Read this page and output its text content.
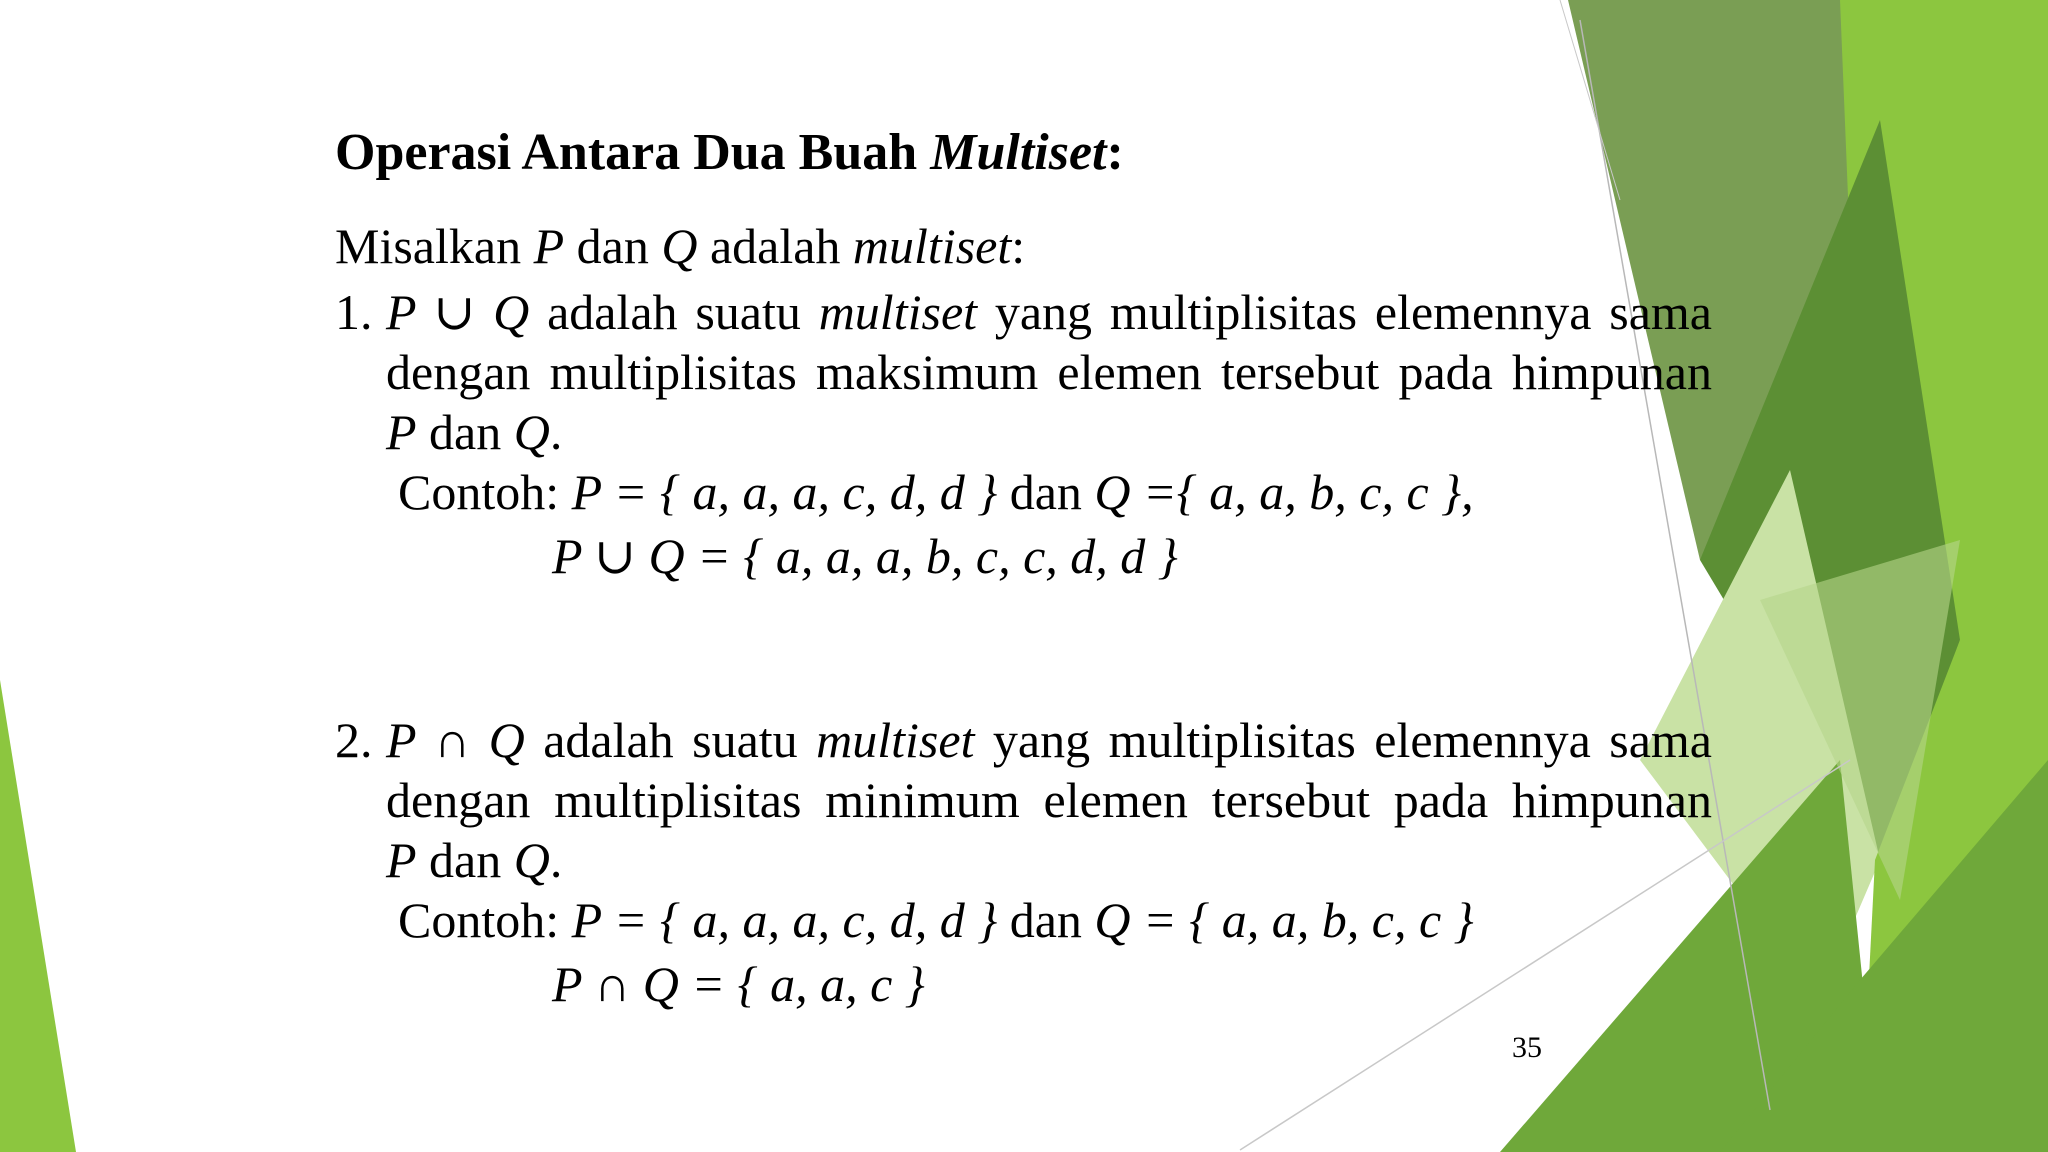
Operasi Antara Dua Buah Multiset:
Misalkan P dan Q adalah multiset:
1. P ∪ Q adalah suatu multiset yang multiplisitas elemennya sama
dengan multiplisitas maksimum elemen tersebut pada himpunan
P dan Q.
Contoh: P = { a, a, a, c, d, d } dan Q ={ a, a, b, c, c },
P ∪ Q = { a, a, a, b, c, c, d, d }
2. P ∩ Q adalah suatu multiset yang multiplisitas elemennya sama
dengan multiplisitas minimum elemen tersebut pada himpunan
P dan Q.
Contoh: P = { a, a, a, c, d, d } dan Q = { a, a, b, c, c }
P ∩ Q = { a, a, c }
35
